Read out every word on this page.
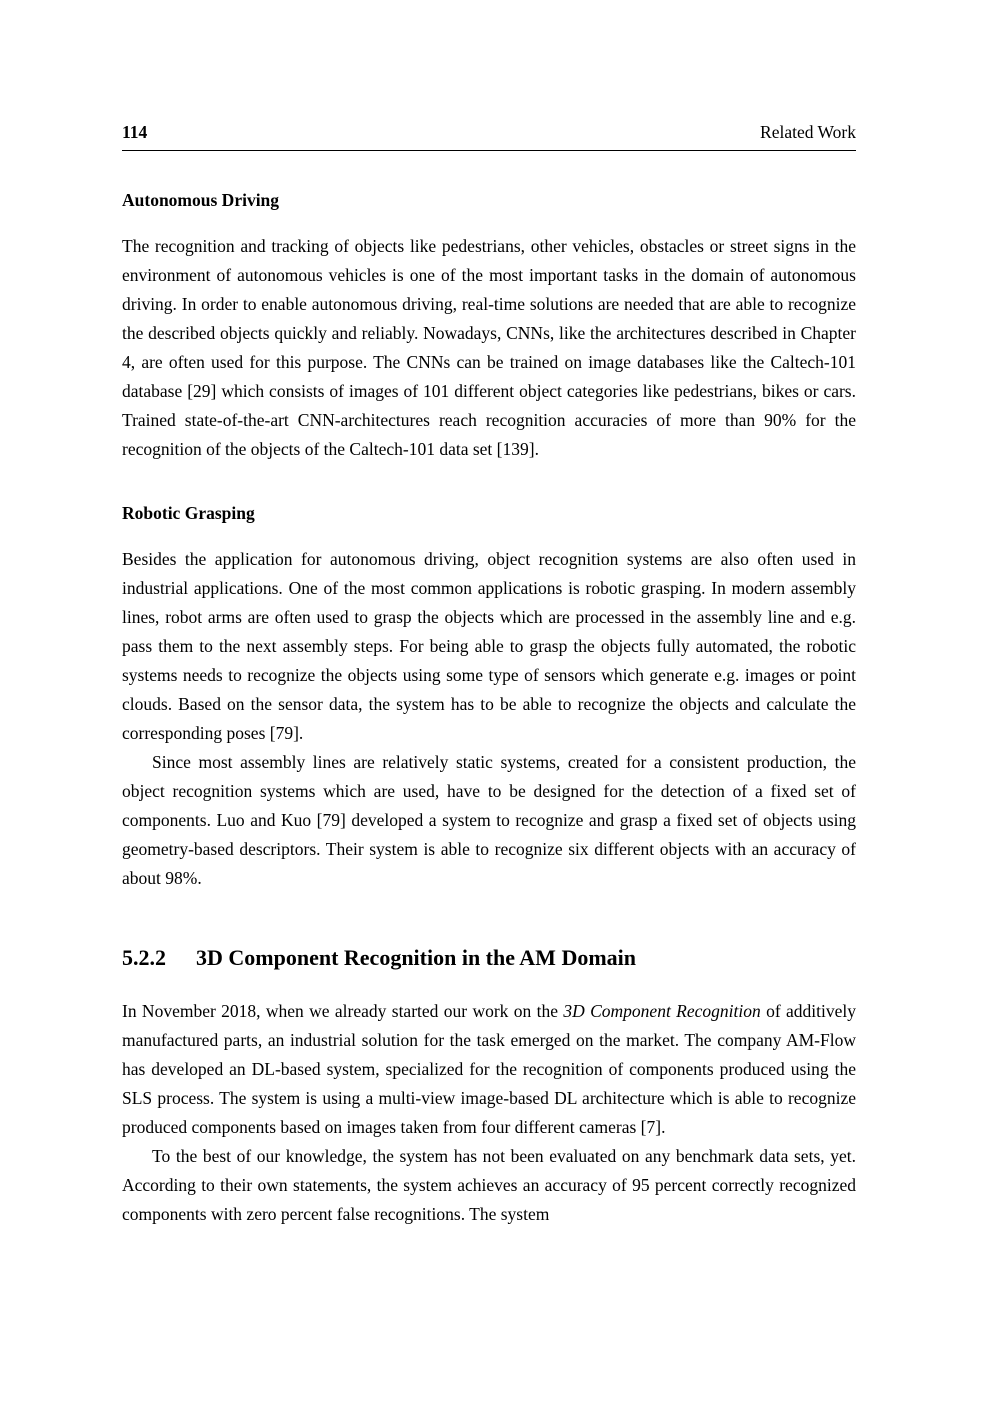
114	Related Work
Autonomous Driving

The recognition and tracking of objects like pedestrians, other vehicles, obstacles or street signs in the environment of autonomous vehicles is one of the most important tasks in the domain of autonomous driving. In order to enable autonomous driving, real-time solutions are needed that are able to recognize the described objects quickly and reliably. Nowadays, CNNs, like the architectures described in Chapter 4, are often used for this purpose. The CNNs can be trained on image databases like the Caltech-101 database [29] which consists of images of 101 different object categories like pedestrians, bikes or cars. Trained state-of-the-art CNN-architectures reach recognition accuracies of more than 90% for the recognition of the objects of the Caltech-101 data set [139].

Robotic Grasping

Besides the application for autonomous driving, object recognition systems are also often used in industrial applications. One of the most common applications is robotic grasping. In modern assembly lines, robot arms are often used to grasp the objects which are processed in the assembly line and e.g. pass them to the next assembly steps. For being able to grasp the objects fully automated, the robotic systems needs to recognize the objects using some type of sensors which generate e.g. images or point clouds. Based on the sensor data, the system has to be able to recognize the objects and calculate the corresponding poses [79].

Since most assembly lines are relatively static systems, created for a consistent production, the object recognition systems which are used, have to be designed for the detection of a fixed set of components. Luo and Kuo [79] developed a system to recognize and grasp a fixed set of objects using geometry-based descriptors. Their system is able to recognize six different objects with an accuracy of about 98%.

5.2.2 3D Component Recognition in the AM Domain

In November 2018, when we already started our work on the 3D Component Recognition of additively manufactured parts, an industrial solution for the task emerged on the market. The company AM-Flow has developed an DL-based system, specialized for the recognition of components produced using the SLS process. The system is using a multi-view image-based DL architecture which is able to recognize produced components based on images taken from four different cameras [7].

To the best of our knowledge, the system has not been evaluated on any benchmark data sets, yet. According to their own statements, the system achieves an accuracy of 95 percent correctly recognized components with zero percent false recognitions. The system
